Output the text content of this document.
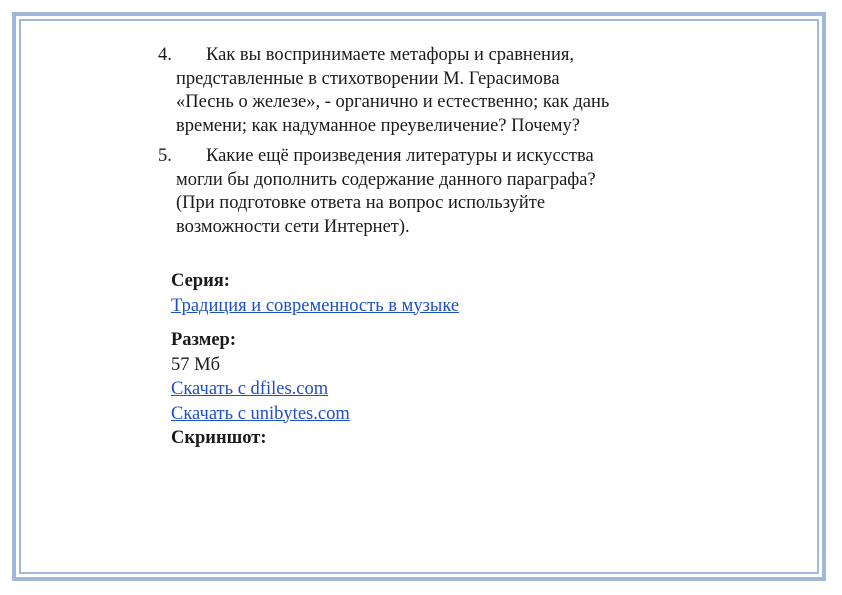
4.	Как вы воспринимаете метафоры и сравнения,
представленные в стихотворении М. Герасимова
«Песнь о железе», - органично и естественно; как дань
времени; как надуманное преувеличение? Почему?
5.	Какие ещё произведения литературы и искусства
могли бы дополнить содержание данного параграфа?
(При подготовке ответа на вопрос используйте
возможности сети Интернет).
Серия:
Традиция и современность в музыке
Размер:
57 Мб
Скачать с dfiles.com
Скачать с unibytes.com
Скриншот:
